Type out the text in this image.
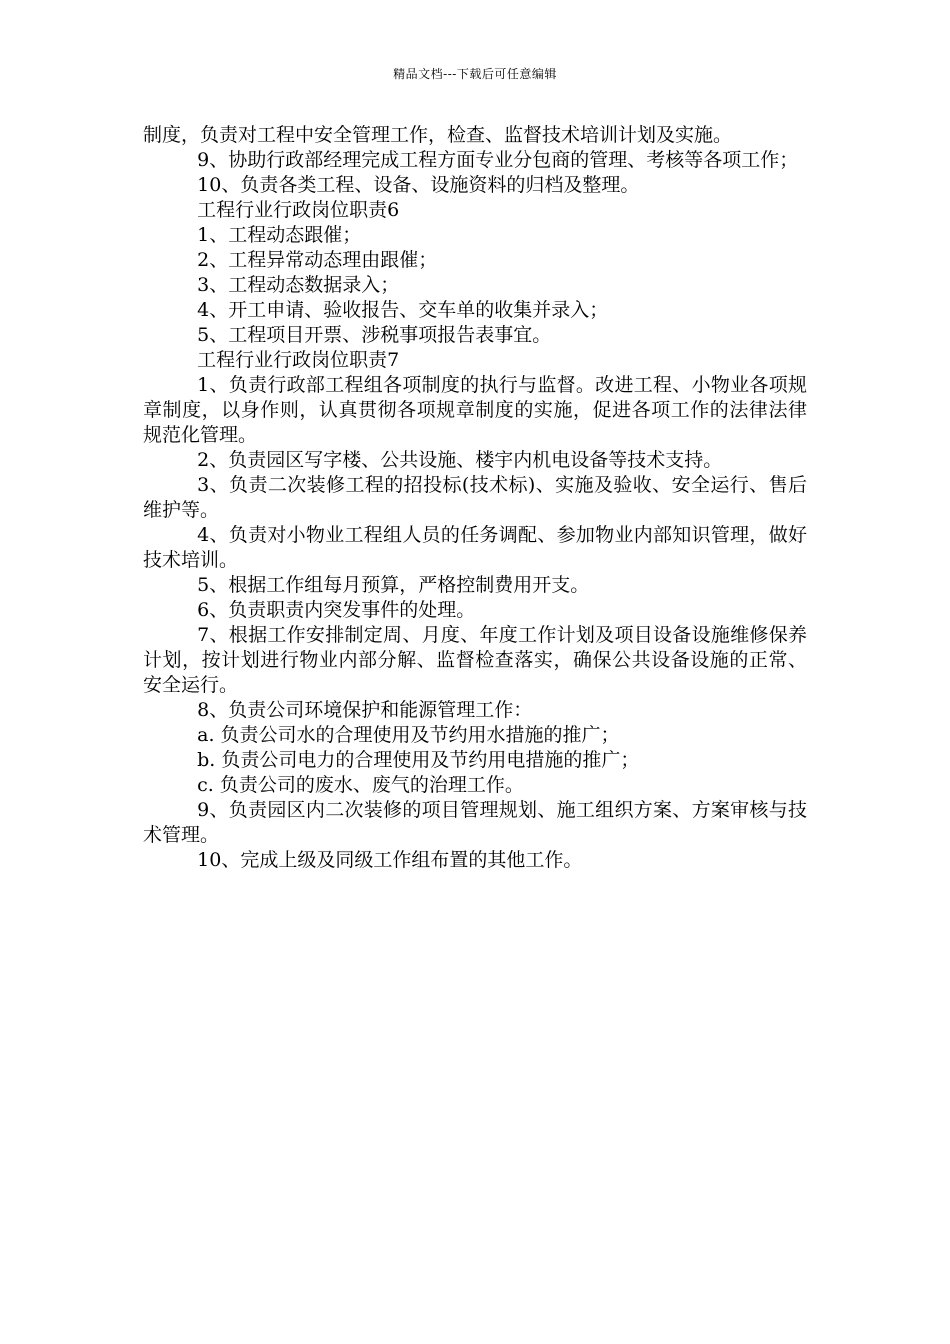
精品文档---下载后可任意编辑

制度，负责对工程中安全管理工作，检查、监督技术培训计划及实施。

9、协助行政部经理完成工程方面专业分包商的管理、考核等各项工作；

10、负责各类工程、设备、设施资料的归档及整理。

工程行业行政岗位职责6

1、工程动态跟催；

2、工程异常动态理由跟催；

3、工程动态数据录入；

4、开工申请、验收报告、交车单的收集并录入；

5、工程项目开票、涉税事项报告表事宜。

工程行业行政岗位职责7

1、负责行政部工程组各项制度的执行与监督。改进工程、小物业各项规章制度，以身作则，认真贯彻各项规章制度的实施，促进各项工作的法律法律规范化管理。

2、负责园区写字楼、公共设施、楼宇内机电设备等技术支持。

3、负责二次装修工程的招投标(技术标)、实施及验收、安全运行、售后维护等。

4、负责对小物业工程组人员的任务调配、参加物业内部知识管理，做好技术培训。

5、根据工作组每月预算，严格控制费用开支。

6、负责职责内突发事件的处理。

7、根据工作安排制定周、月度、年度工作计划及项目设备设施维修保养计划，按计划进行物业内部分解、监督检查落实，确保公共设备设施的正常、安全运行。

8、负责公司环境保护和能源管理工作：

a. 负责公司水的合理使用及节约用水措施的推广；

b. 负责公司电力的合理使用及节约用电措施的推广；

c. 负责公司的废水、废气的治理工作。

9、负责园区内二次装修的项目管理规划、施工组织方案、方案审核与技术管理。

10、完成上级及同级工作组布置的其他工作。
